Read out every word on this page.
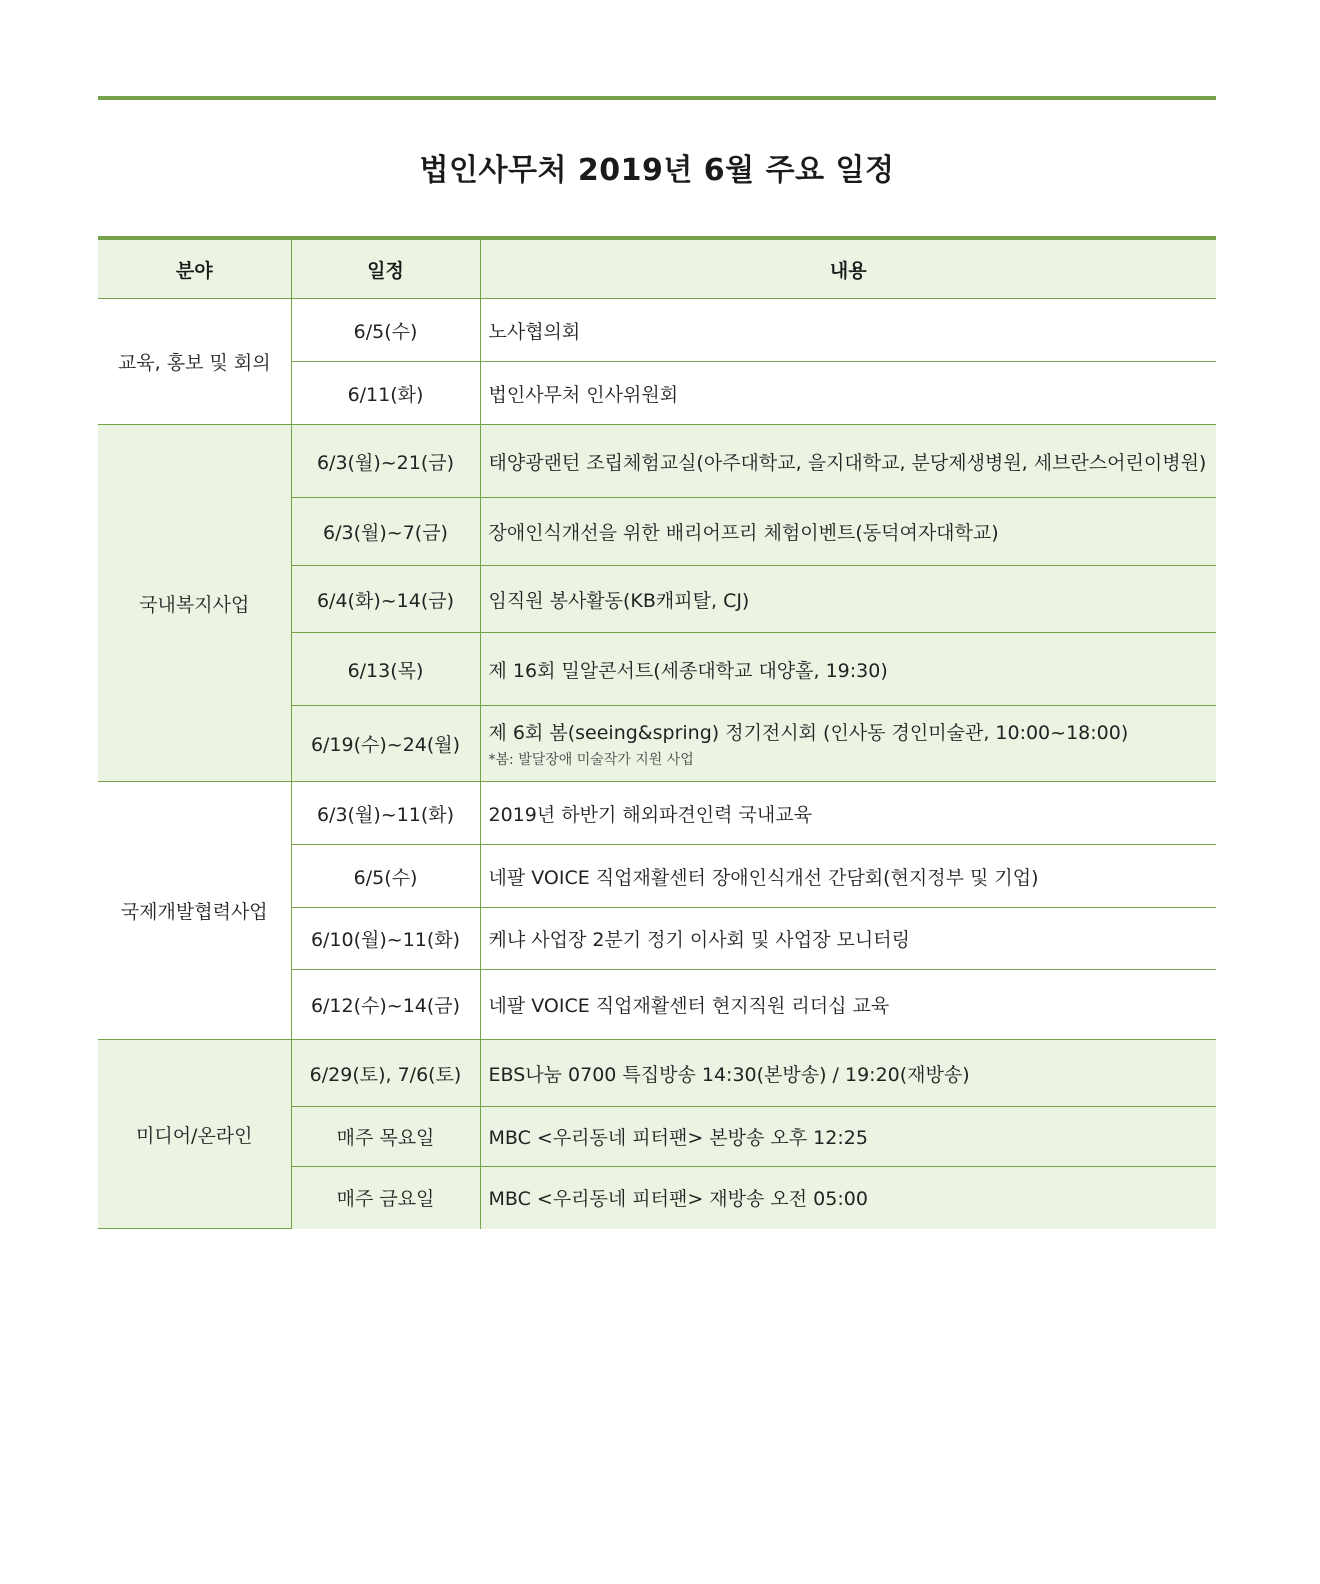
법인사무처 2019년 6월 주요 일정
분야	일정	내용
교육, 홍보 및 회의	6/5(수)	노사협의회
	6/11(화)	법인사무처 인사위원회
국내복지사업	6/3(월)~21(금)	태양광랜턴 조립체험교실(아주대학교, 을지대학교, 분당제생병원, 세브란스어린이병원)
	6/3(월)~7(금)	장애인식개선을 위한 배리어프리 체험이벤트(동덕여자대학교)
	6/4(화)~14(금)	임직원 봉사활동(KB캐피탈, CJ)
	6/13(목)	제 16회 밀알콘서트(세종대학교 대양홀, 19:30)
	6/19(수)~24(월)	제 6회 봄(seeing&spring) 정기전시회 (인사동 경인미술관, 10:00~18:00)
*봄: 발달장애 미술작가 지원 사업

국제개발협력사업	6/3(월)~11(화)	2019년 하반기 해외파견인력 국내교육
	6/5(수)	네팔 VOICE 직업재활센터 장애인식개선 간담회(현지정부 및 기업)
	6/10(월)~11(화)	케냐 사업장 2분기 정기 이사회 및 사업장 모니터링
	6/12(수)~14(금)	네팔 VOICE 직업재활센터 현지직원 리더십 교육
미디어/온라인	6/29(토), 7/6(토)	EBS나눔 0700 특집방송 14:30(본방송) / 19:20(재방송)
	매주 목요일	MBC <우리동네 피터팬> 본방송 오후 12:25
	매주 금요일	MBC <우리동네 피터팬> 재방송 오전 05:00
